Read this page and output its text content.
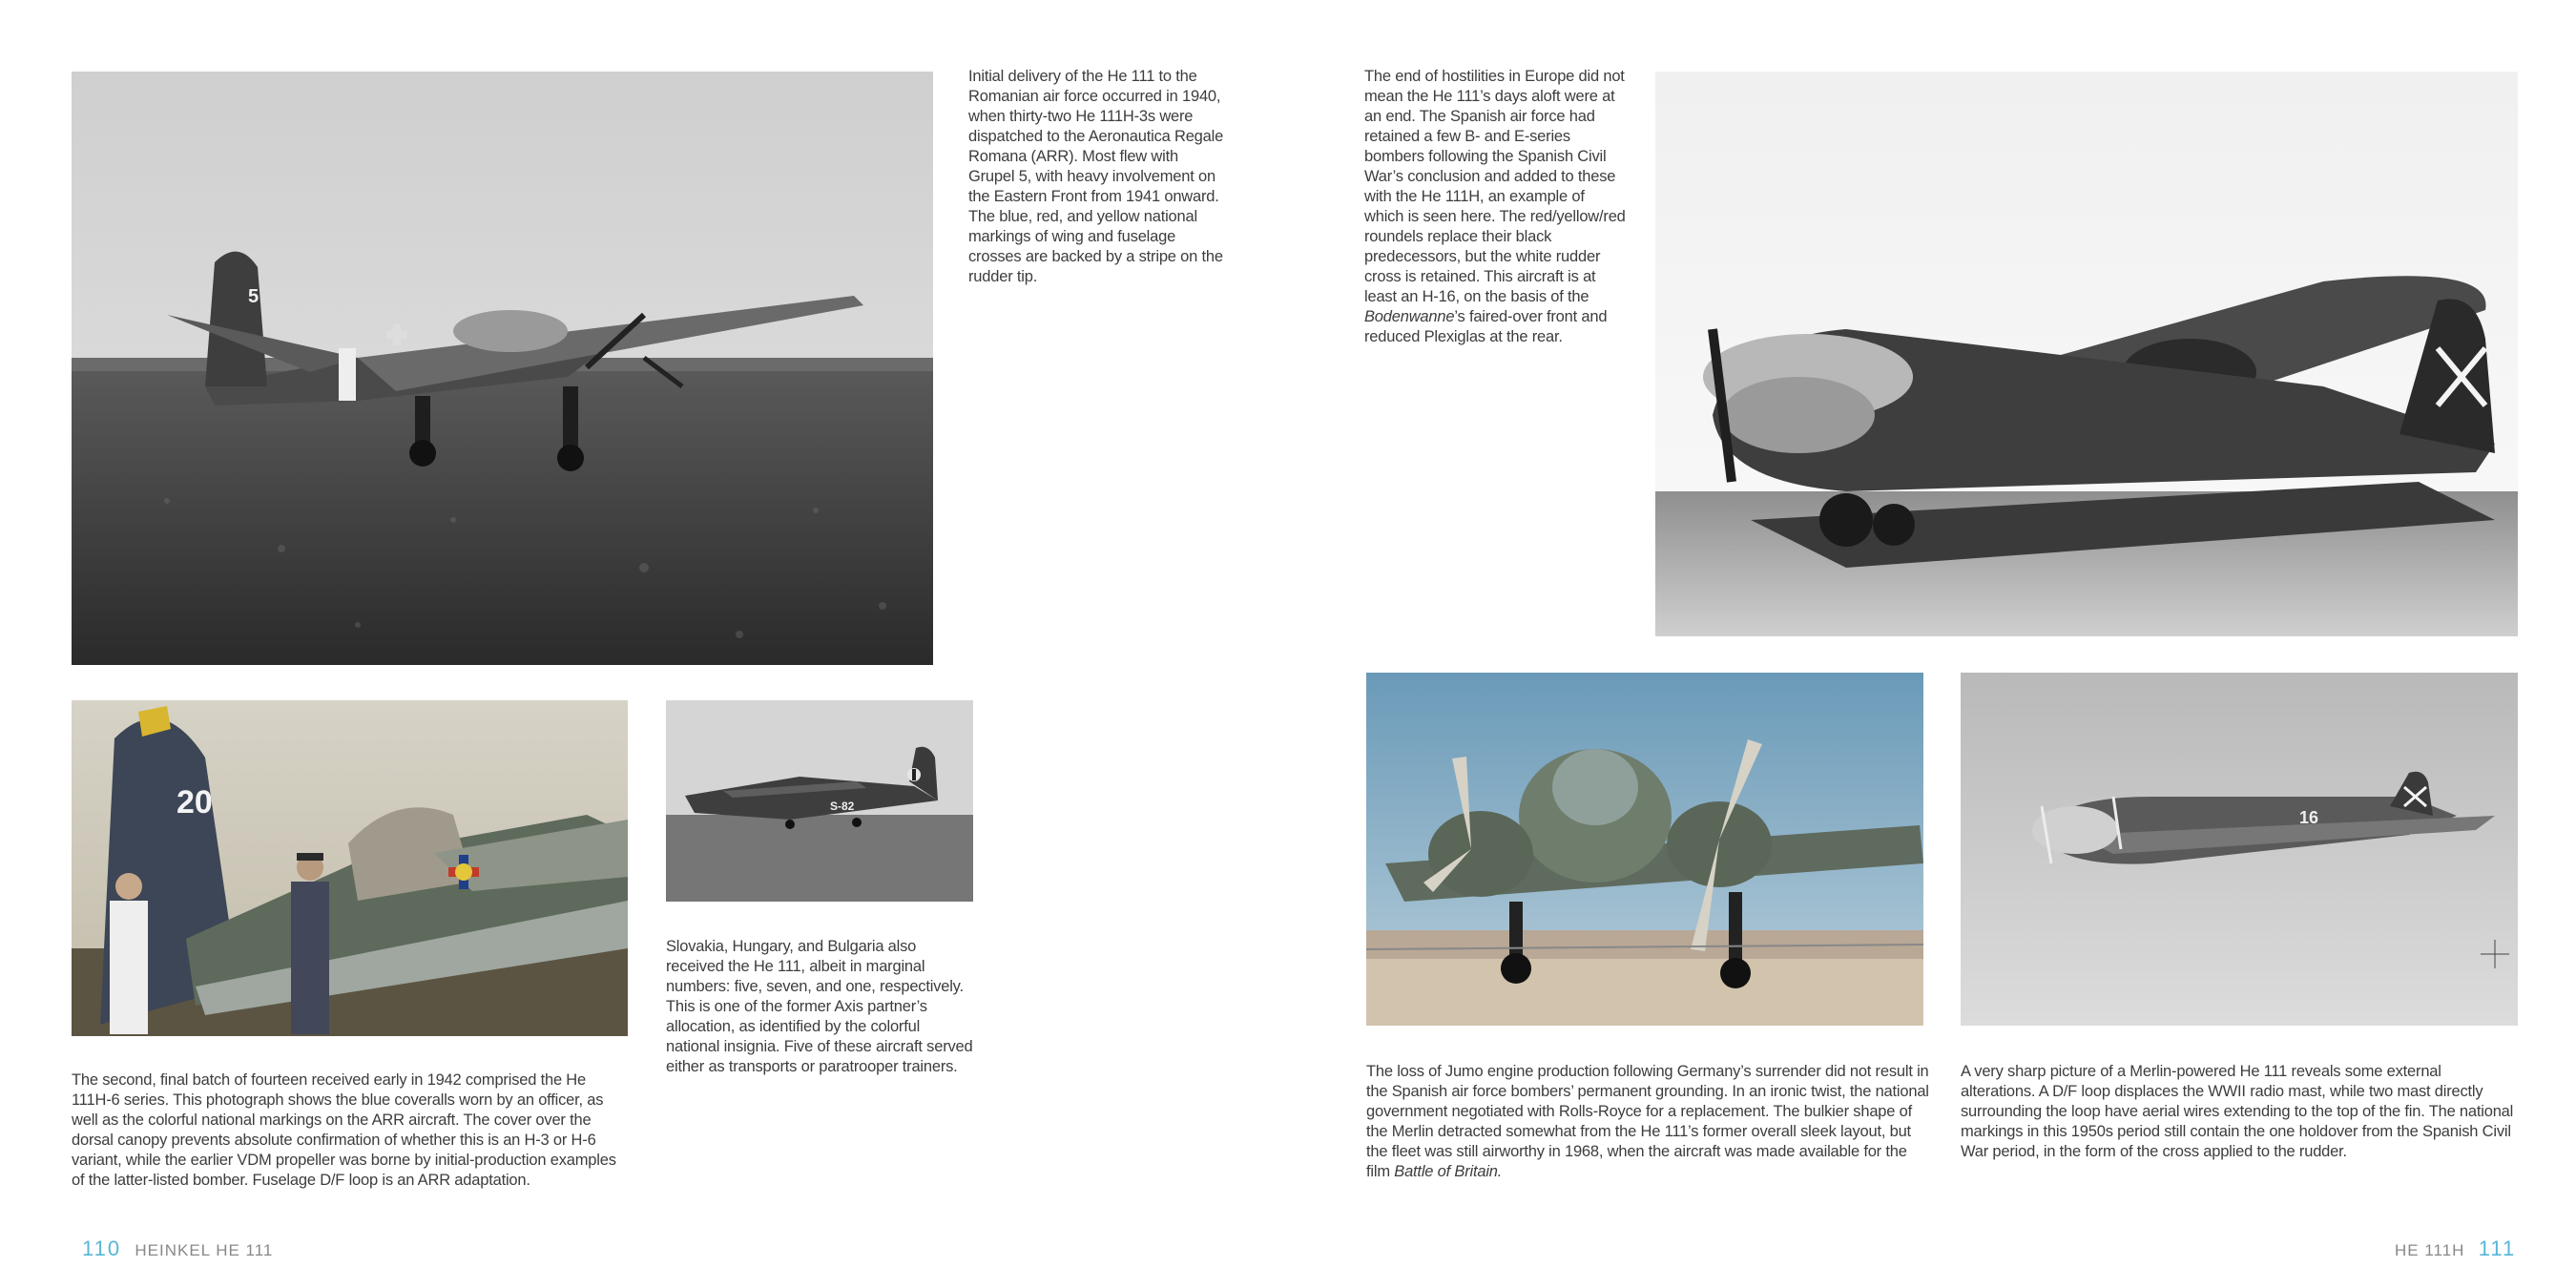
5
Initial delivery of the He 111 to the Romanian air force occurred in 1940, when thirty-two He 111H-3s were dispatched to the Aeronautica Regale Romana (ARR). Most flew with Grupel 5, with heavy involvement on the Eastern Front from 1941 onward. The blue, red, and yellow national markings of wing and fuselage crosses are backed by a stripe on the rudder tip.
20
The second, final batch of fourteen received early in 1942 comprised the He 111H-6 series. This photograph shows the blue coveralls worn by an officer, as well as the colorful national markings on the ARR aircraft. The cover over the dorsal canopy prevents absolute confirmation of whether this is an H-3 or H-6 variant, while the earlier VDM propeller was borne by initial-production examples of the latter-listed bomber. Fuselage D/F loop is an ARR adaptation.
S-82
Slovakia, Hungary, and Bulgaria also received the He 111, albeit in marginal numbers: five, seven, and one, respectively. This is one of the former Axis partner’s allocation, as identified by the colorful national insignia. Five of these aircraft served either as transports or paratrooper trainers.
110 HEINKEL HE 111
The end of hostilities in Europe did not mean the He 111’s days aloft were at an end. The Spanish air force had retained a few B- and E-series bombers following the Spanish Civil War’s conclusion and added to these with the He 111H, an example of which is seen here. The red/yellow/red roundels replace their black predecessors, but the white rudder cross is retained. This aircraft is at least an H-16, on the basis of the Bodenwanne’s faired-over front and reduced Plexiglas at the rear.
16
The loss of Jumo engine production following Germany’s surrender did not result in the Spanish air force bombers’ permanent grounding. In an ironic twist, the national government negotiated with Rolls-Royce for a replacement. The bulkier shape of the Merlin detracted somewhat from the He 111’s former overall sleek layout, but the fleet was still airworthy in 1968, when the aircraft was made available for the film Battle of Britain.
A very sharp picture of a Merlin-powered He 111 reveals some external alterations. A D/F loop displaces the WWII radio mast, while two mast directly surrounding the loop have aerial wires extending to the top of the fin. The national markings in this 1950s period still contain the one holdover from the Spanish Civil War period, in the form of the cross applied to the rudder.
HE 111H 111
